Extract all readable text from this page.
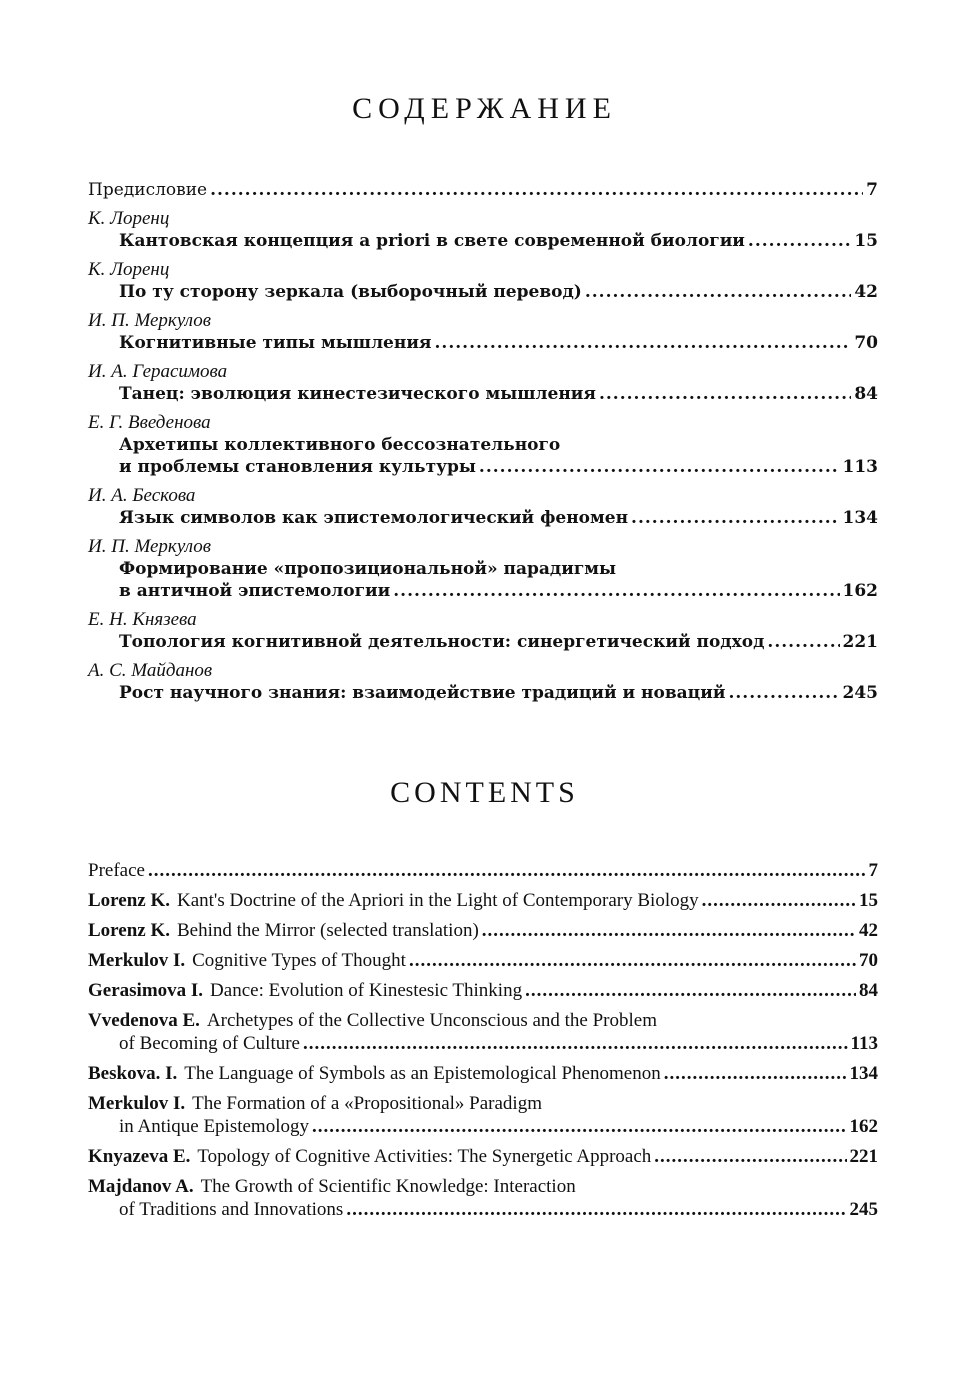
СОДЕРЖАНИЕ
Предисловие .....	7
К. Лоренц
Кантовская концепция a priori в свете современной биологии .....	15
К. Лоренц
По ту сторону зеркала (выборочный перевод) .....	42
И. П. Меркулов
Когнитивные типы мышления .....	70
И. А. Герасимова
Танец: эволюция кинестезического мышления .....	84
Е. Г. Введенова
Архетипы коллективного бессознательного
и проблемы становления культуры .....	113
И. А. Бескова
Язык символов как эпистемологический феномен .....	134
И. П. Меркулов
Формирование «пропозициональной» парадигмы
в античной эпистемологии .....	162
Е. Н. Князева
Топология когнитивной деятельности: синергетический подход .....	221
А. С. Майданов
Рост научного знания: взаимодействие традиций и новаций .....	245
CONTENTS
Preface .....	7
Lorenz K. Kant's Doctrine of the Apriori in the Light of Contemporary Biology .....	15
Lorenz K. Behind the Mirror (selected translation) .....	42
Merkulov I. Cognitive Types of Thought .....	70
Gerasimova I. Dance: Evolution of Kinestesic Thinking .....	84
Vvedenova E. Archetypes of the Collective Unconscious and the Problem
of Becoming of Culture .....	113
Beskova. I. The Language of Symbols as an Epistemological Phenomenon .....	134
Merkulov I. The Formation of a «Propositional» Paradigm
in Antique Epistemology .....	162
Knyazeva E. Topology of Cognitive Activities: The Synergetic Approach .....	221
Majdanov A. The Growth of Scientific Knowledge: Interaction
of Traditions and Innovations .....	245
